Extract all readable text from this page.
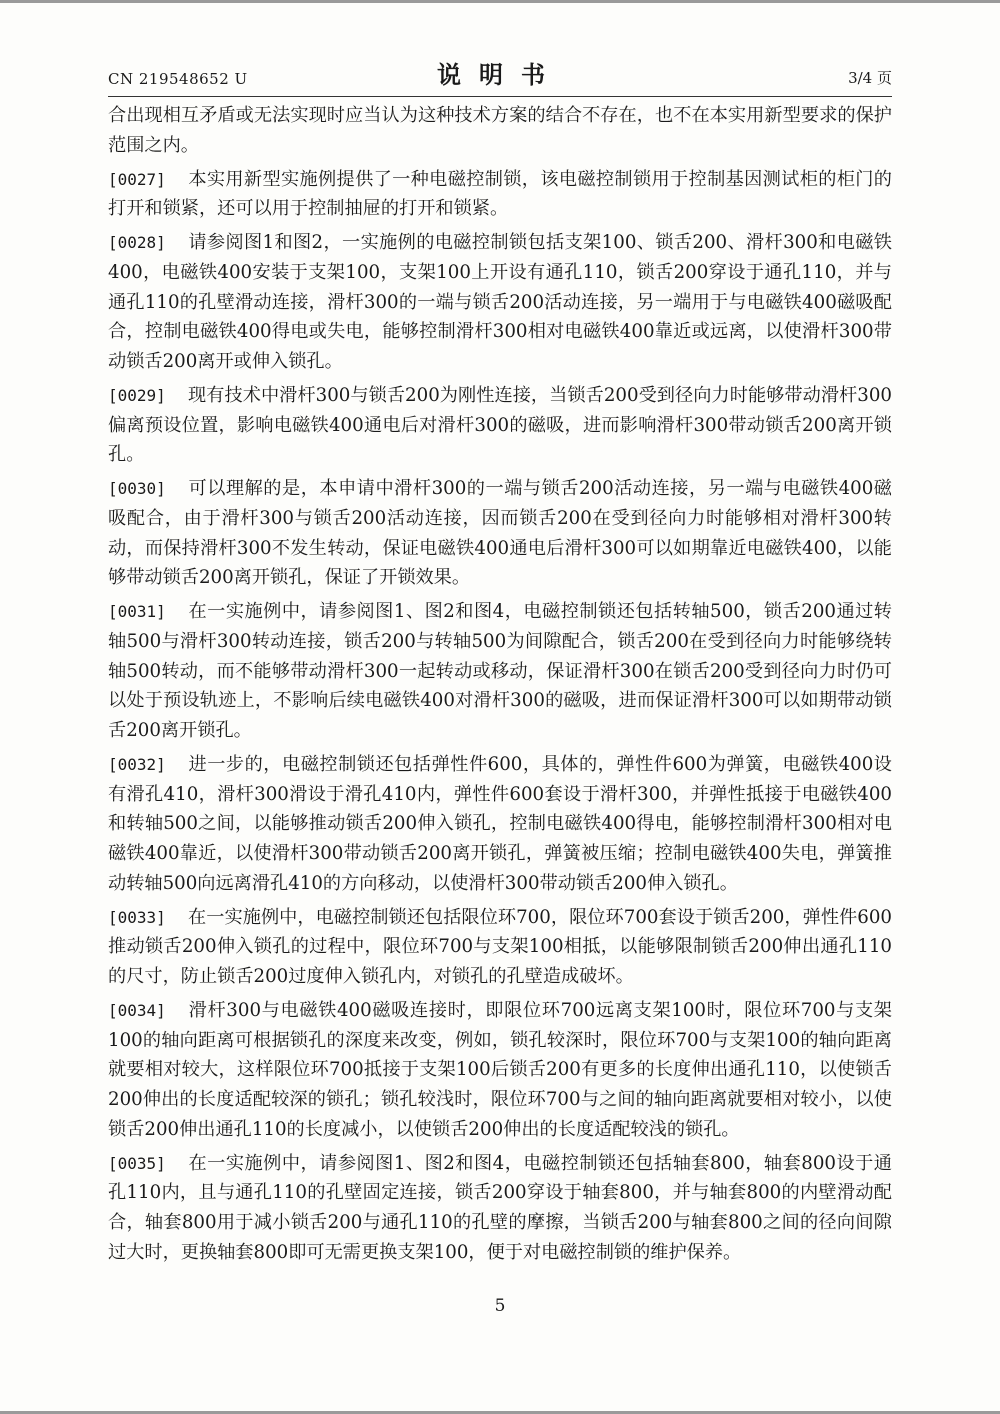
CN 219548652 U	说明书	3/4 页

合出现相互矛盾或无法实现时应当认为这种技术方案的结合不存在，也不在本实用新型要求的保护范围之内。

[0027] 本实用新型实施例提供了一种电磁控制锁，该电磁控制锁用于控制基因测试柜的柜门的打开和锁紧，还可以用于控制抽屉的打开和锁紧。

[0028] 请参阅图1和图2，一实施例的电磁控制锁包括支架100、锁舌200、滑杆300和电磁铁400，电磁铁400安装于支架100，支架100上开设有通孔110，锁舌200穿设于通孔110，并与通孔110的孔壁滑动连接，滑杆300的一端与锁舌200活动连接，另一端用于与电磁铁400磁吸配合，控制电磁铁400得电或失电，能够控制滑杆300相对电磁铁400靠近或远离，以使滑杆300带动锁舌200离开或伸入锁孔。

[0029] 现有技术中滑杆300与锁舌200为刚性连接，当锁舌200受到径向力时能够带动滑杆300偏离预设位置，影响电磁铁400通电后对滑杆300的磁吸，进而影响滑杆300带动锁舌200离开锁孔。

[0030] 可以理解的是，本申请中滑杆300的一端与锁舌200活动连接，另一端与电磁铁400磁吸配合，由于滑杆300与锁舌200活动连接，因而锁舌200在受到径向力时能够相对滑杆300转动，而保持滑杆300不发生转动，保证电磁铁400通电后滑杆300可以如期靠近电磁铁400，以能够带动锁舌200离开锁孔，保证了开锁效果。

[0031] 在一实施例中，请参阅图1、图2和图4，电磁控制锁还包括转轴500，锁舌200通过转轴500与滑杆300转动连接，锁舌200与转轴500为间隙配合，锁舌200在受到径向力时能够绕转轴500转动，而不能够带动滑杆300一起转动或移动，保证滑杆300在锁舌200受到径向力时仍可以处于预设轨迹上，不影响后续电磁铁400对滑杆300的磁吸，进而保证滑杆300可以如期带动锁舌200离开锁孔。

[0032] 进一步的，电磁控制锁还包括弹性件600，具体的，弹性件600为弹簧，电磁铁400设有滑孔410，滑杆300滑设于滑孔410内，弹性件600套设于滑杆300，并弹性抵接于电磁铁400和转轴500之间，以能够推动锁舌200伸入锁孔，控制电磁铁400得电，能够控制滑杆300相对电磁铁400靠近，以使滑杆300带动锁舌200离开锁孔，弹簧被压缩；控制电磁铁400失电，弹簧推动转轴500向远离滑孔410的方向移动，以使滑杆300带动锁舌200伸入锁孔。

[0033] 在一实施例中，电磁控制锁还包括限位环700，限位环700套设于锁舌200，弹性件600推动锁舌200伸入锁孔的过程中，限位环700与支架100相抵，以能够限制锁舌200伸出通孔110的尺寸，防止锁舌200过度伸入锁孔内，对锁孔的孔壁造成破坏。

[0034] 滑杆300与电磁铁400磁吸连接时，即限位环700远离支架100时，限位环700与支架100的轴向距离可根据锁孔的深度来改变，例如，锁孔较深时，限位环700与支架100的轴向距离就要相对较大，这样限位环700抵接于支架100后锁舌200有更多的长度伸出通孔110，以使锁舌200伸出的长度适配较深的锁孔；锁孔较浅时，限位环700与之间的轴向距离就要相对较小，以使锁舌200伸出通孔110的长度减小，以使锁舌200伸出的长度适配较浅的锁孔。

[0035] 在一实施例中，请参阅图1、图2和图4，电磁控制锁还包括轴套800，轴套800设于通孔110内，且与通孔110的孔壁固定连接，锁舌200穿设于轴套800，并与轴套800的内壁滑动配合，轴套800用于减小锁舌200与通孔110的孔壁的摩擦，当锁舌200与轴套800之间的径向间隙过大时，更换轴套800即可无需更换支架100，便于对电磁控制锁的维护保养。

5
